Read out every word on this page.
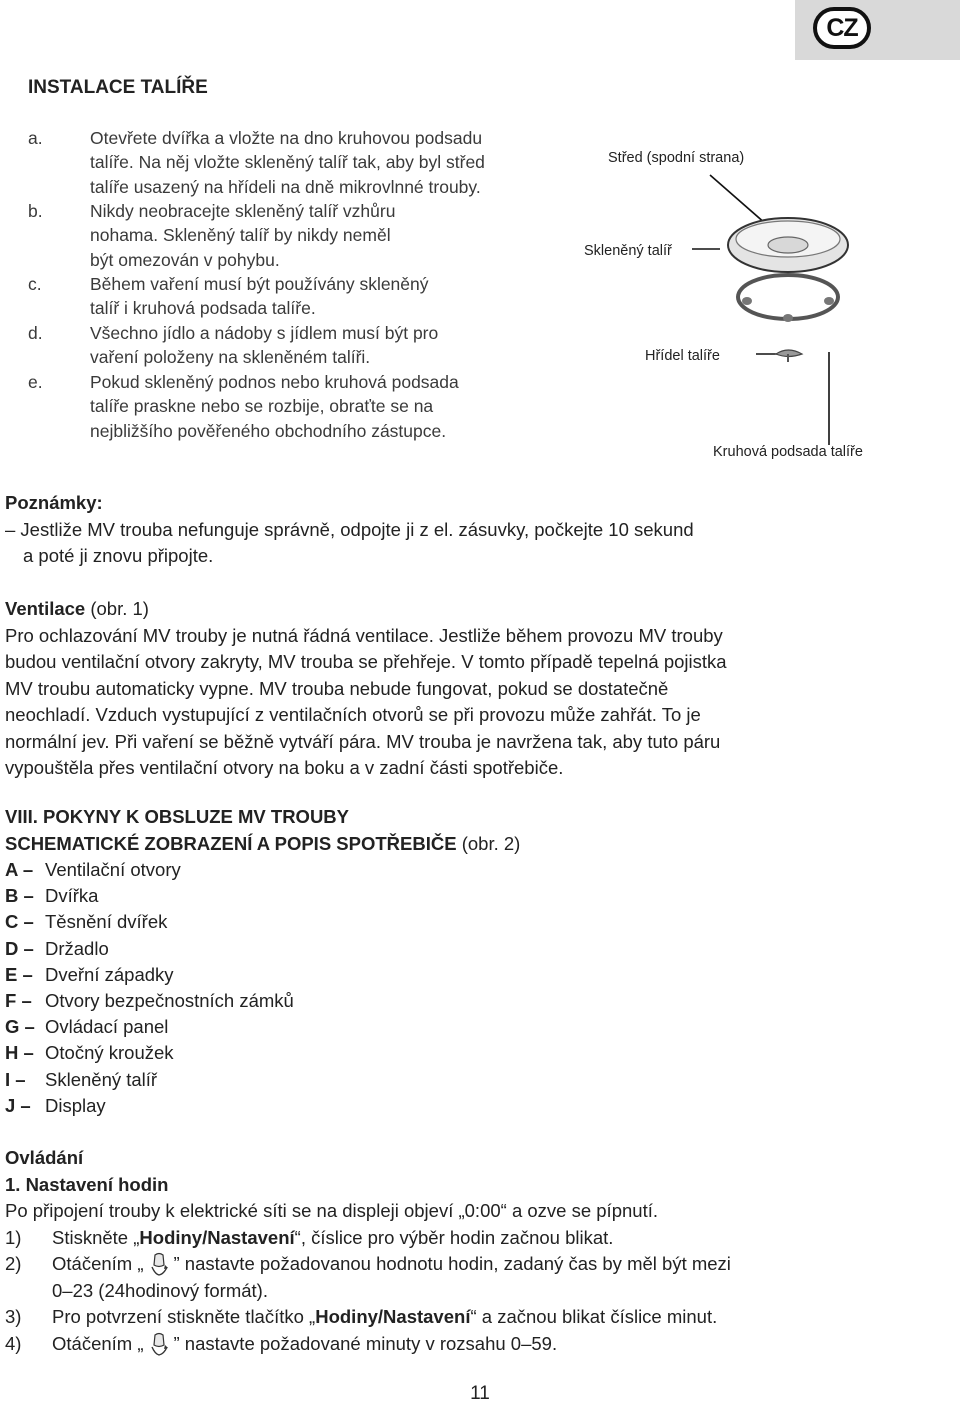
CZ
INSTALACE TALÍŘE
a.	Otevřete dvířka a vložte na dno kruhovou podsadu
talíře. Na něj vložte skleněný talíř tak, aby byl střed
talíře usazený na hřídeli na dně mikrovlnné trouby.
b.	Nikdy neobracejte skleněný talíř vzhůru
nohama. Skleněný talíř by nikdy neměl
být omezován v pohybu.
c.	Během vaření musí být používány skleněný
talíř i kruhová podsada talíře.
d.	Všechno jídlo a nádoby s jídlem musí být pro
vaření položeny na skleněném talíři.
e.	Pokud skleněný podnos nebo kruhová podsada
talíře praskne nebo se rozbije, obraťte se na
nejbližšího pověřeného obchodního zástupce.
Střed (spodní strana)
Skleněný talíř
Hřídel talíře
Kruhová podsada talíře
Poznámky:
– Jestliže MV trouba nefunguje správně, odpojte ji z el. zásuvky, počkejte 10 sekund
a poté ji znovu připojte.
Ventilace (obr. 1)
Pro ochlazování MV trouby je nutná řádná ventilace. Jestliže během provozu MV trouby
budou ventilační otvory zakryty, MV trouba se přehřeje. V tomto případě tepelná pojistka
MV troubu automaticky vypne. MV trouba nebude fungovat, pokud se dostatečně
neochladí. Vzduch vystupující z ventilačních otvorů se při provozu může zahřát. To je
normální jev. Při vaření se běžně vytváří pára. MV trouba je navržena tak, aby tuto páru
vypouštěla přes ventilační otvory na boku a v zadní části spotřebiče.
VIII. POKYNY K OBSLUZE MV TROUBY
SCHEMATICKÉ ZOBRAZENÍ A POPIS SPOTŘEBIČE (obr. 2)
A – Ventilační otvory
B – Dvířka
C – Těsnění dvířek
D – Držadlo
E – Dveřní západky
F – Otvory bezpečnostních zámků
G – Ovládací panel
H – Otočný kroužek
I –	Skleněný talíř
J – Display
Ovládání
1. Nastavení hodin
Po připojení trouby k elektrické síti se na displeji objeví „0:00“ a ozve se pípnutí.
1) Stiskněte „Hodiny/Nastavení“, číslice pro výběr hodin začnou blikat.
2) Otáčením „ ” nastavte požadovanou hodnotu hodin, zadaný čas by měl být mezi
0–23 (24hodinový formát).
3) Pro potvrzení stiskněte tlačítko „Hodiny/Nastavení“ a začnou blikat číslice minut.
4) Otáčením „ ” nastavte požadované minuty v rozsahu 0–59.
11
